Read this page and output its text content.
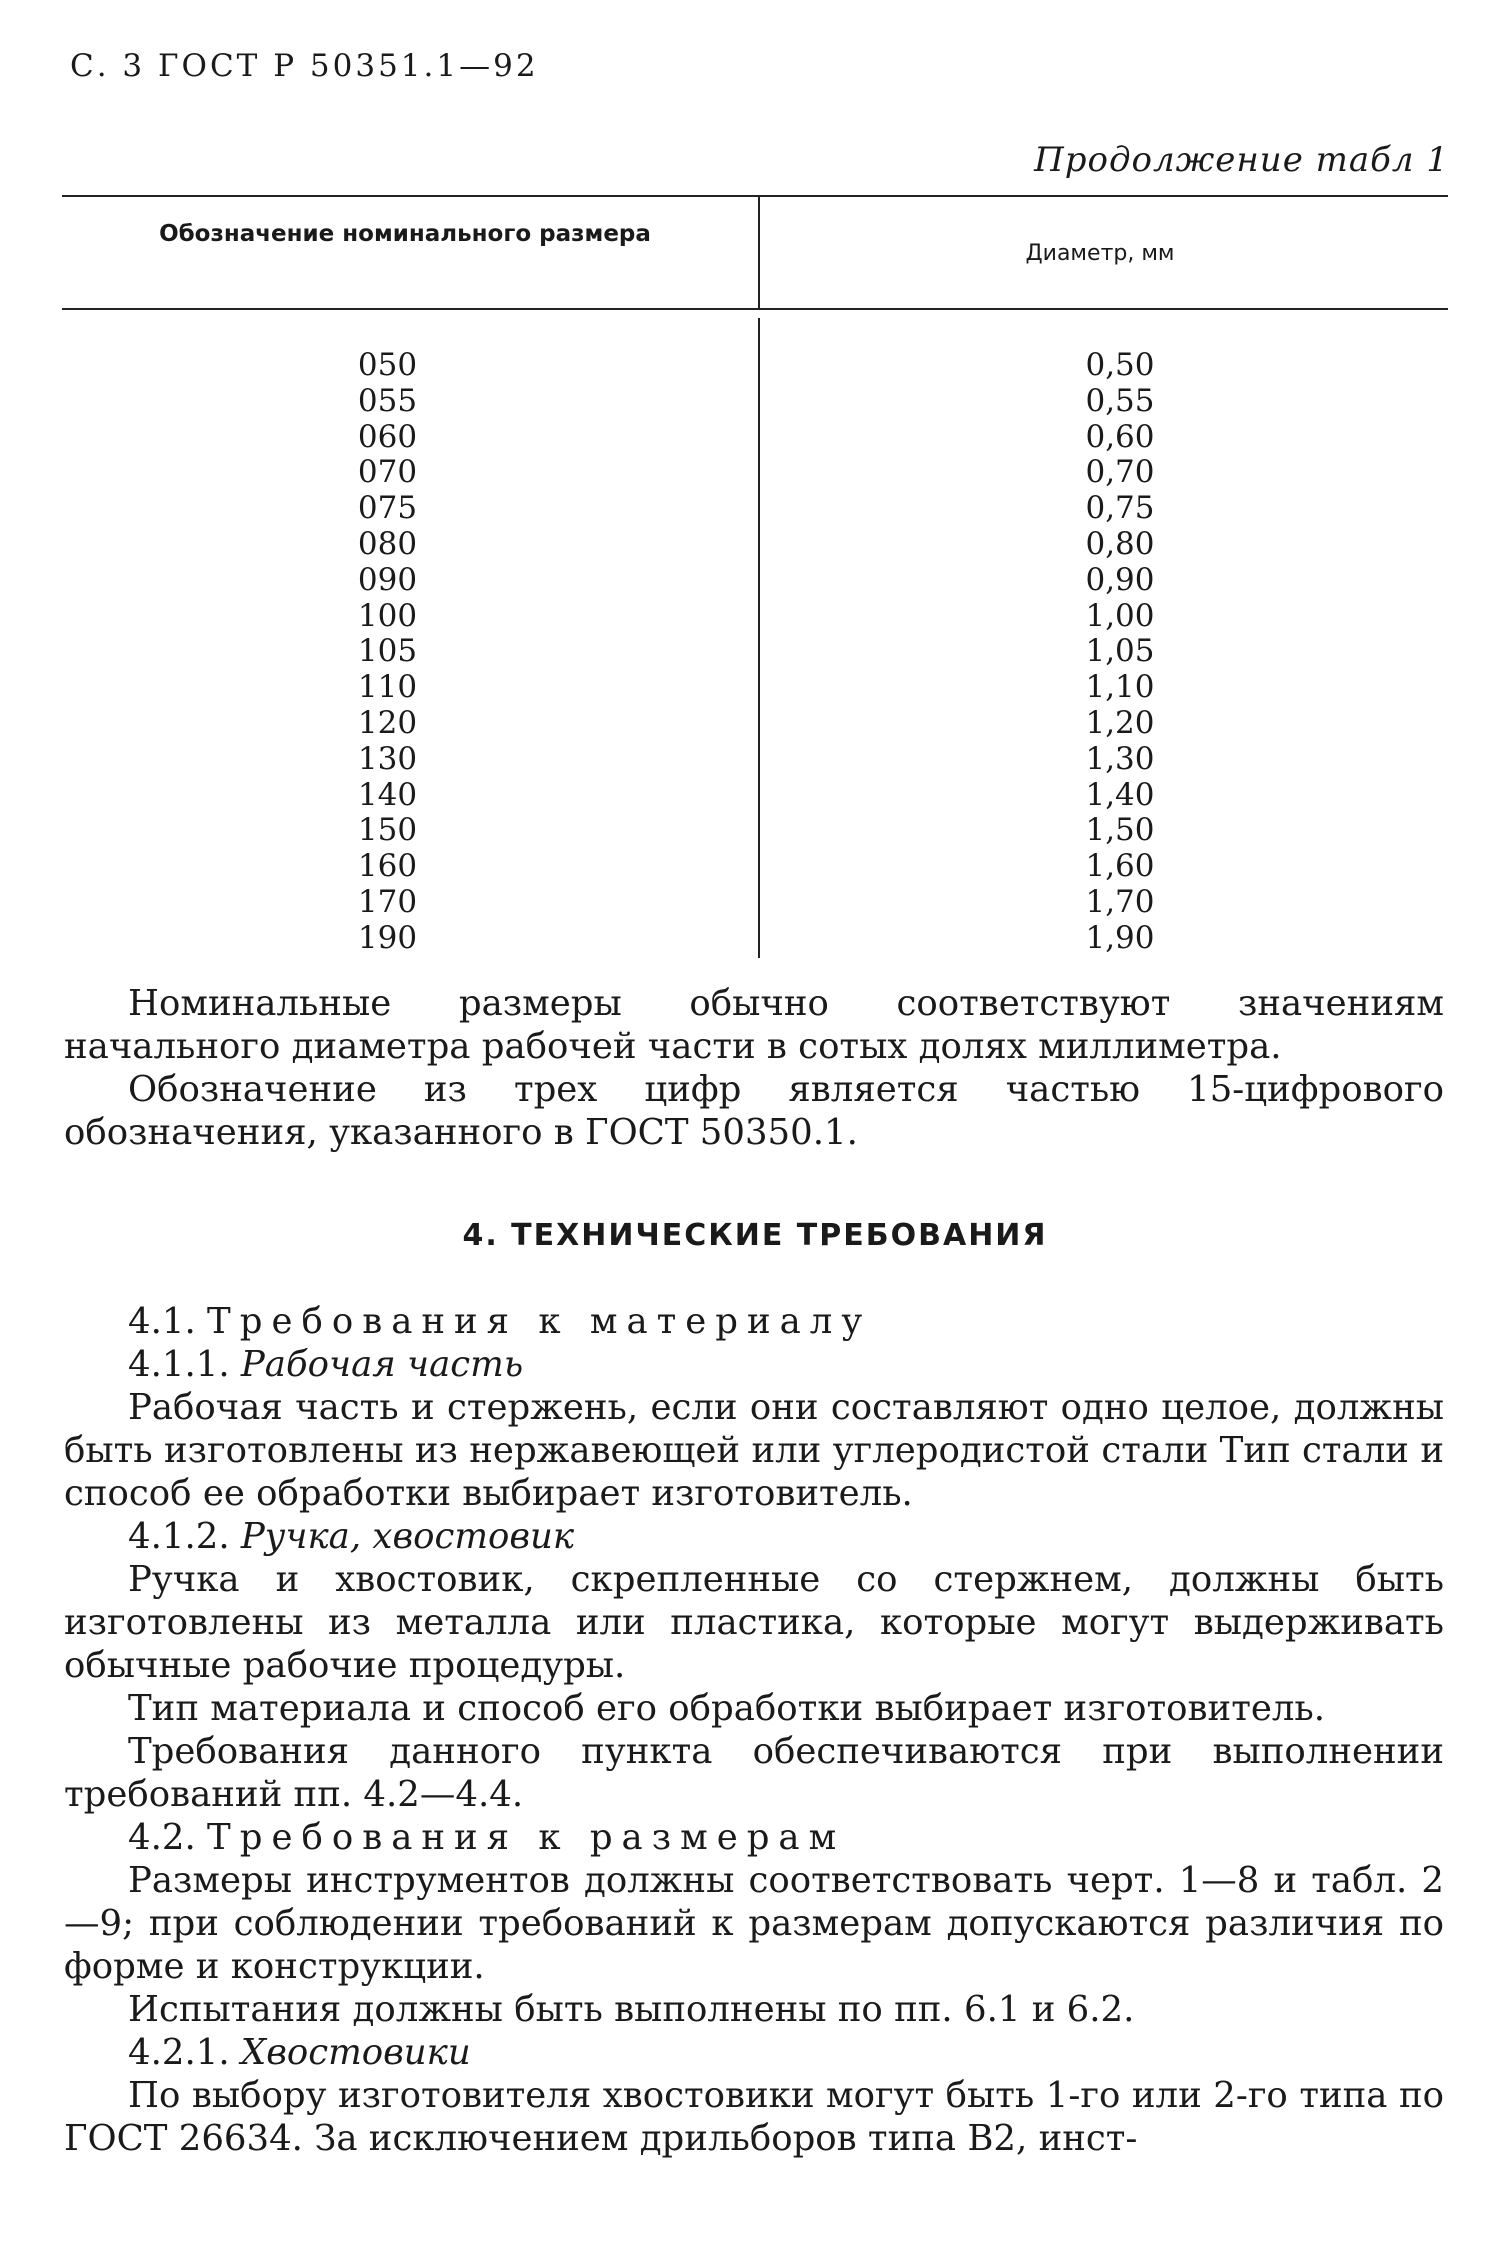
С. 3 ГОСТ Р 50351.1—92
Продолжение табл 1
Обозначение номинального размера
Диаметр, мм
050
055
060
070
075
080
090
100
105
110
120
130
140
150
160
170
190
0,50
0,55
0,60
0,70
0,75
0,80
0,90
1,00
1,05
1,10
1,20
1,30
1,40
1,50
1,60
1,70
1,90

Номинальные размеры обычно соответствуют значениям начального диаметра рабочей части в сотых долях миллиметра.

Обозначение из трех цифр является частью 15-цифрового обозначения, указанного в ГОСТ 50350.1.

4. ТЕХНИЧЕСКИЕ ТРЕБОВАНИЯ

4.1. Требования к материалу

4.1.1. Рабочая часть

Рабочая часть и стержень, если они составляют одно целое, должны быть изготовлены из нержавеющей или углеродистой стали Тип стали и способ ее обработки выбирает изготовитель.

4.1.2. Ручка, хвостовик

Ручка и хвостовик, скрепленные со стержнем, должны быть изготовлены из металла или пластика, которые могут выдерживать обычные рабочие процедуры.

Тип материала и способ его обработки выбирает изготовитель.

Требования данного пункта обеспечиваются при выполнении требований пп. 4.2—4.4.

4.2. Требования к размерам

Размеры инструментов должны соответствовать черт. 1—8 и табл. 2—9; при соблюдении требований к размерам допускаются различия по форме и конструкции.

Испытания должны быть выполнены по пп. 6.1 и 6.2.

4.2.1. Хвостовики

По выбору изготовителя хвостовики могут быть 1-го или 2-го типа по ГОСТ 26634. За исключением дрильборов типа В2, инст-
